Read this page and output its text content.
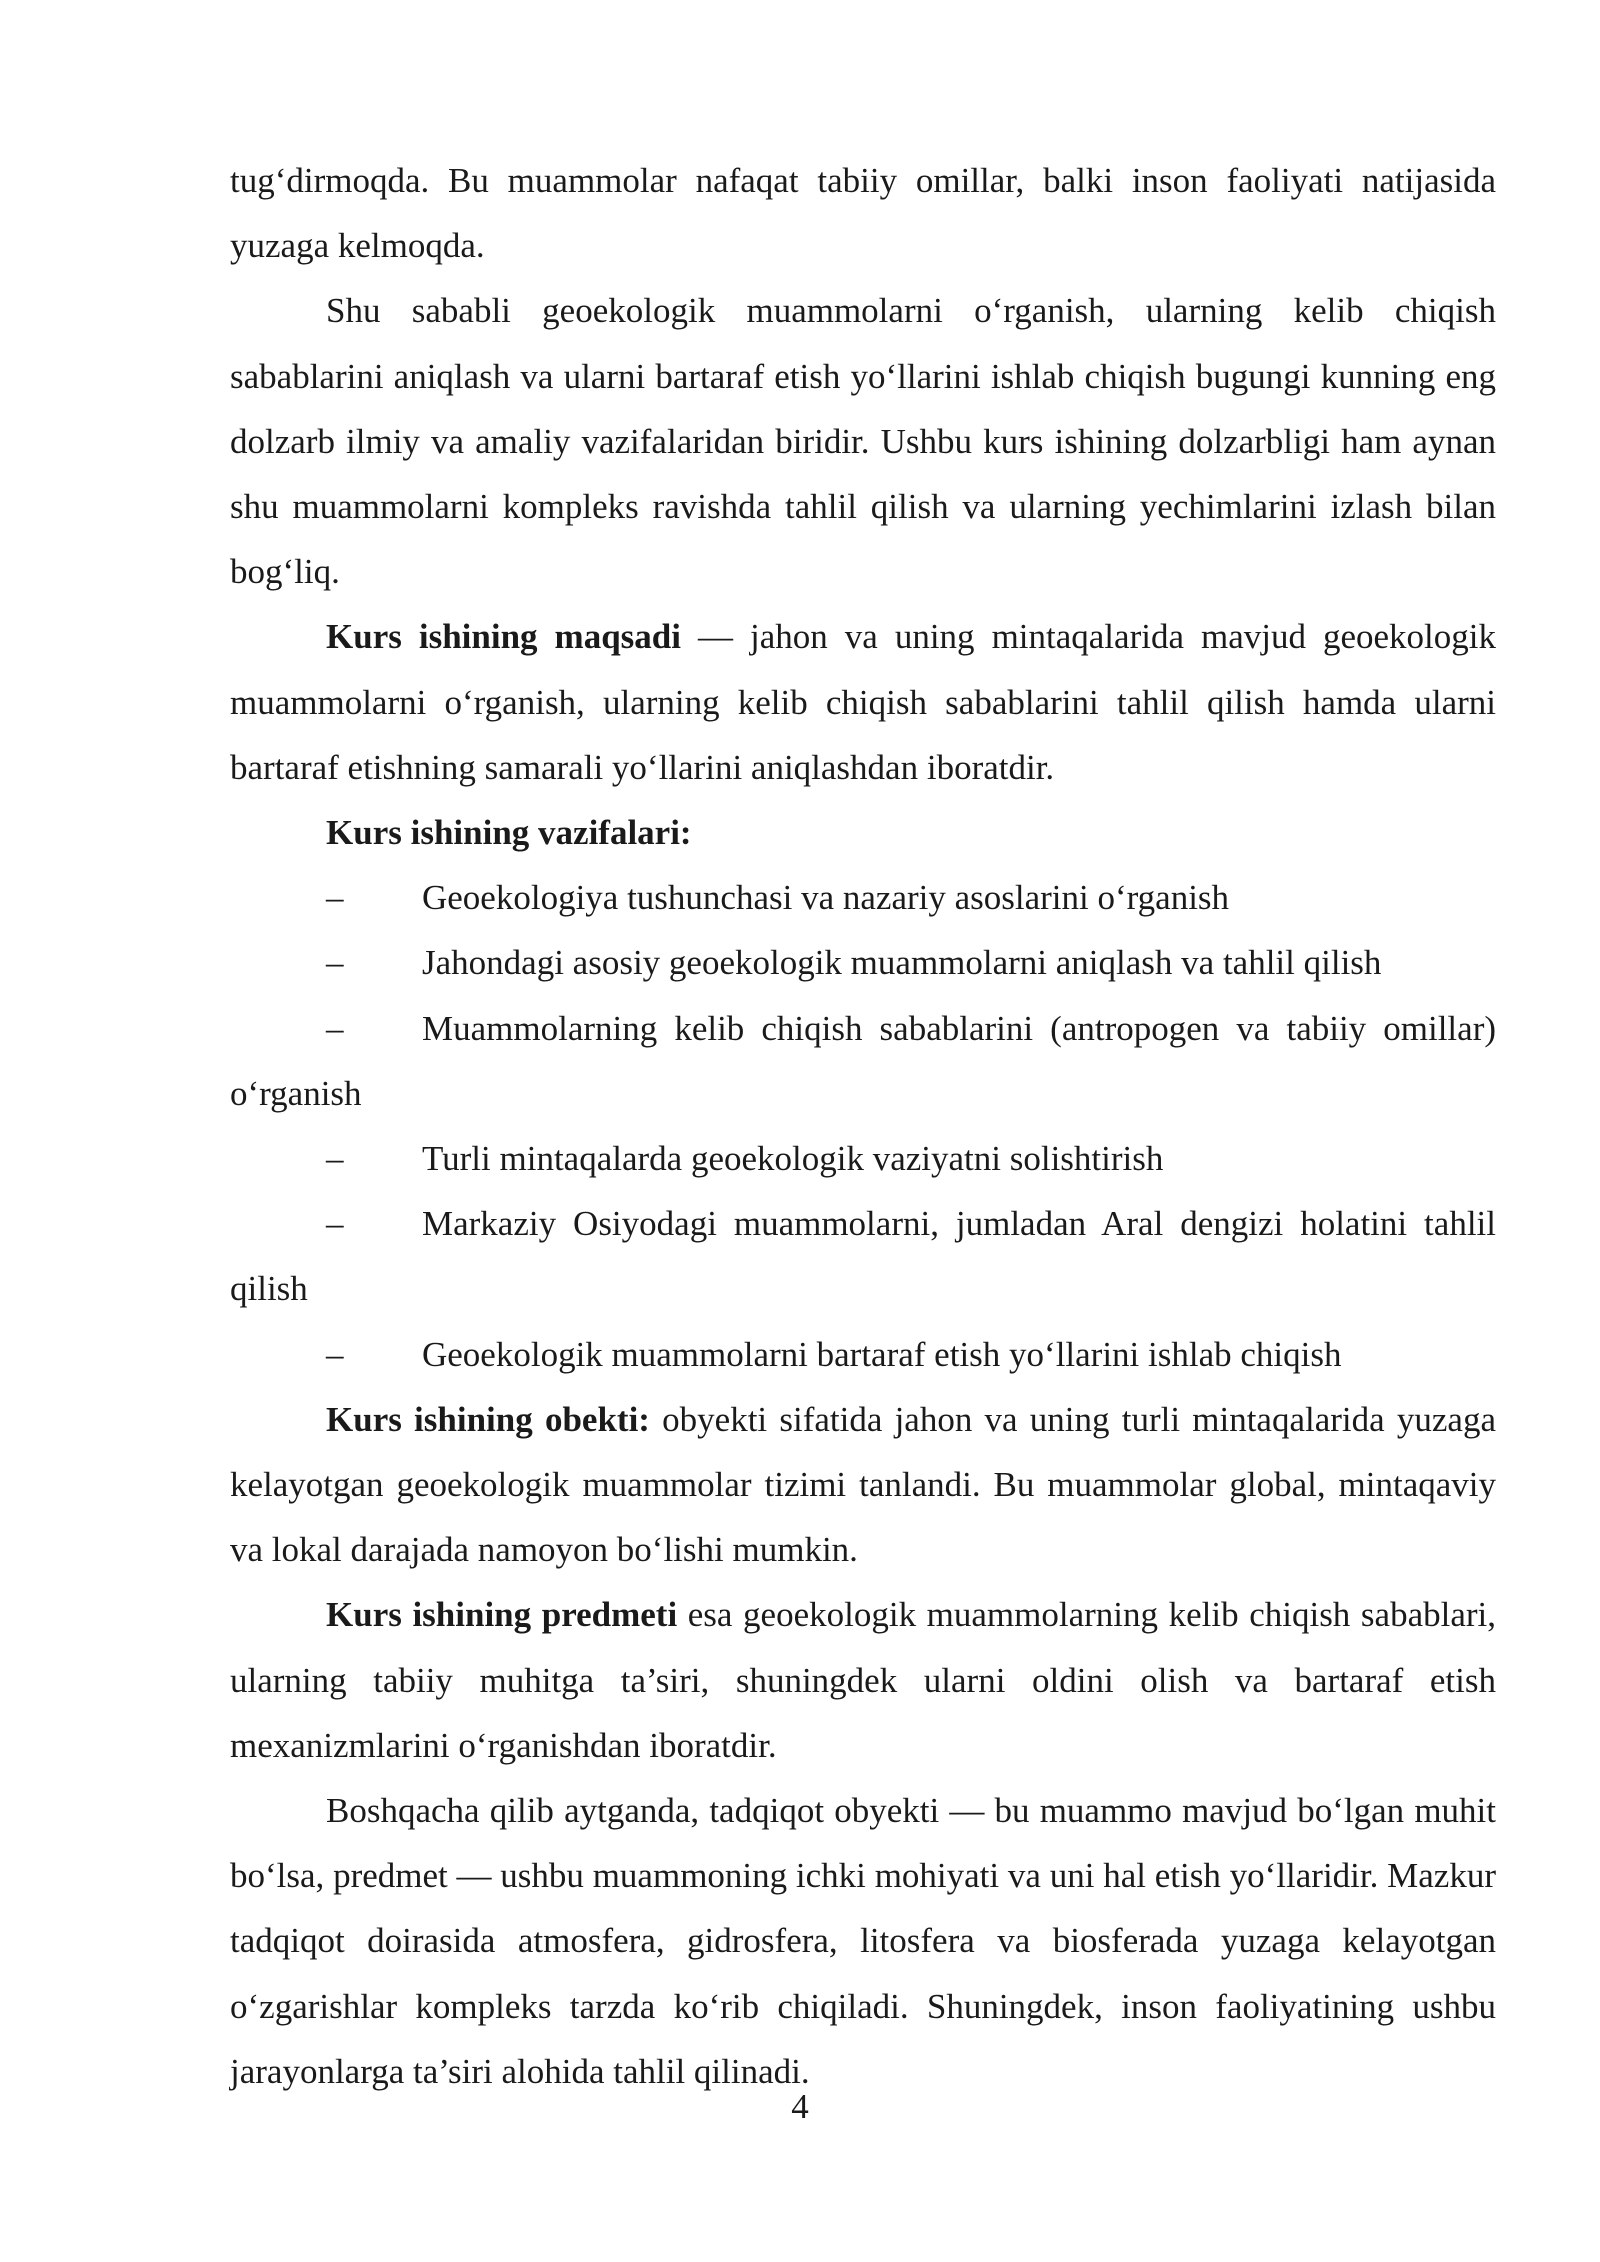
tug‘dirmoqda. Bu muammolar nafaqat tabiiy omillar, balki inson faoliyati natijasida yuzaga kelmoqda.

Shu sababli geoekologik muammolarni o‘rganish, ularning kelib chiqish sabablarini aniqlash va ularni bartaraf etish yo‘llarini ishlab chiqish bugungi kunning eng dolzarb ilmiy va amaliy vazifalaridan biridir. Ushbu kurs ishining dolzarbligi ham aynan shu muammolarni kompleks ravishda tahlil qilish va ularning yechimlarini izlash bilan bog‘liq.

Kurs ishining maqsadi — jahon va uning mintaqalarida mavjud geoekologik muammolarni o‘rganish, ularning kelib chiqish sabablarini tahlil qilish hamda ularni bartaraf etishning samarali yo‘llarini aniqlashdan iboratdir.

Kurs ishining vazifalari:

– Geoekologiya tushunchasi va nazariy asoslarini o‘rganish

– Jahondagi asosiy geoekologik muammolarni aniqlash va tahlil qilish

– Muammolarning kelib chiqish sabablarini (antropogen va tabiiy omillar) o‘rganish

– Turli mintaqalarda geoekologik vaziyatni solishtirish

– Markaziy Osiyodagi muammolarni, jumladan Aral dengizi holatini tahlil qilish

– Geoekologik muammolarni bartaraf etish yo‘llarini ishlab chiqish

Kurs ishining obekti: obyekti sifatida jahon va uning turli mintaqalarida yuzaga kelayotgan geoekologik muammolar tizimi tanlandi. Bu muammolar global, mintaqaviy va lokal darajada namoyon bo‘lishi mumkin.

Kurs ishining predmeti esa geoekologik muammolarning kelib chiqish sabablari, ularning tabiiy muhitga ta’siri, shuningdek ularni oldini olish va bartaraf etish mexanizmlarini o‘rganishdan iboratdir.

Boshqacha qilib aytganda, tadqiqot obyekti — bu muammo mavjud bo‘lgan muhit bo‘lsa, predmet — ushbu muammoning ichki mohiyati va uni hal etish yo‘llaridir. Mazkur tadqiqot doirasida atmosfera, gidrosfera, litosfera va biosferada yuzaga kelayotgan o‘zgarishlar kompleks tarzda ko‘rib chiqiladi. Shuningdek, inson faoliyatining ushbu jarayonlarga ta’siri alohida tahlil qilinadi.

4
